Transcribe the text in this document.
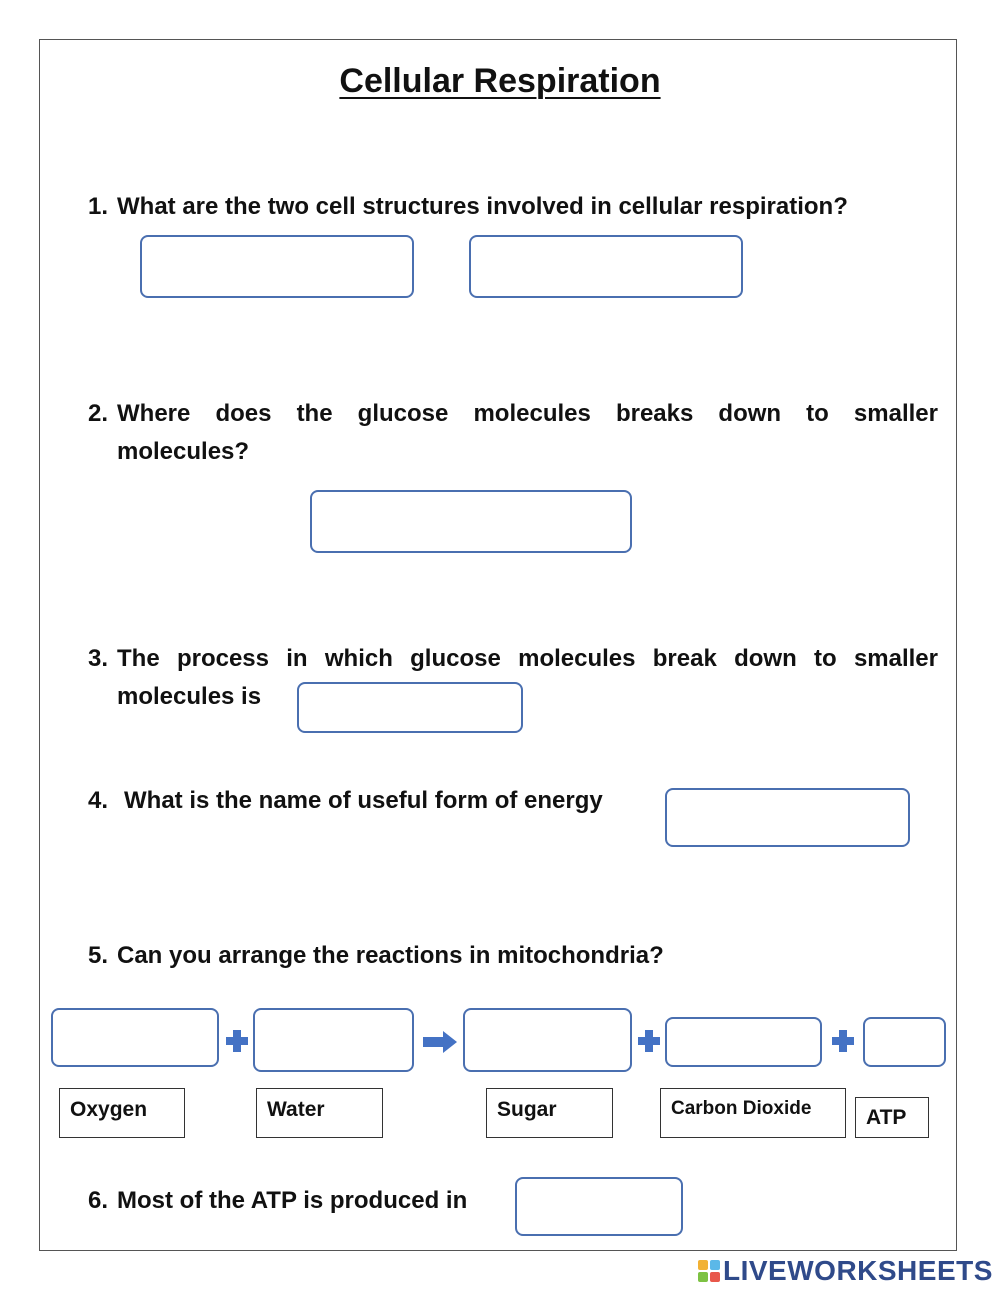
Cellular Respiration
1. What are the two cell structures involved in cellular respiration?
2. Where does the glucose molecules breaks down to smaller
molecules?
3. The process in which glucose molecules break down to smaller
molecules is
4. What is the name of useful form of energy
5. Can you arrange the reactions in mitochondria?
Oxygen	Water	Sugar	Carbon Dioxide	ATP
6. Most of the ATP is produced in
LIVEWORKSHEETS
